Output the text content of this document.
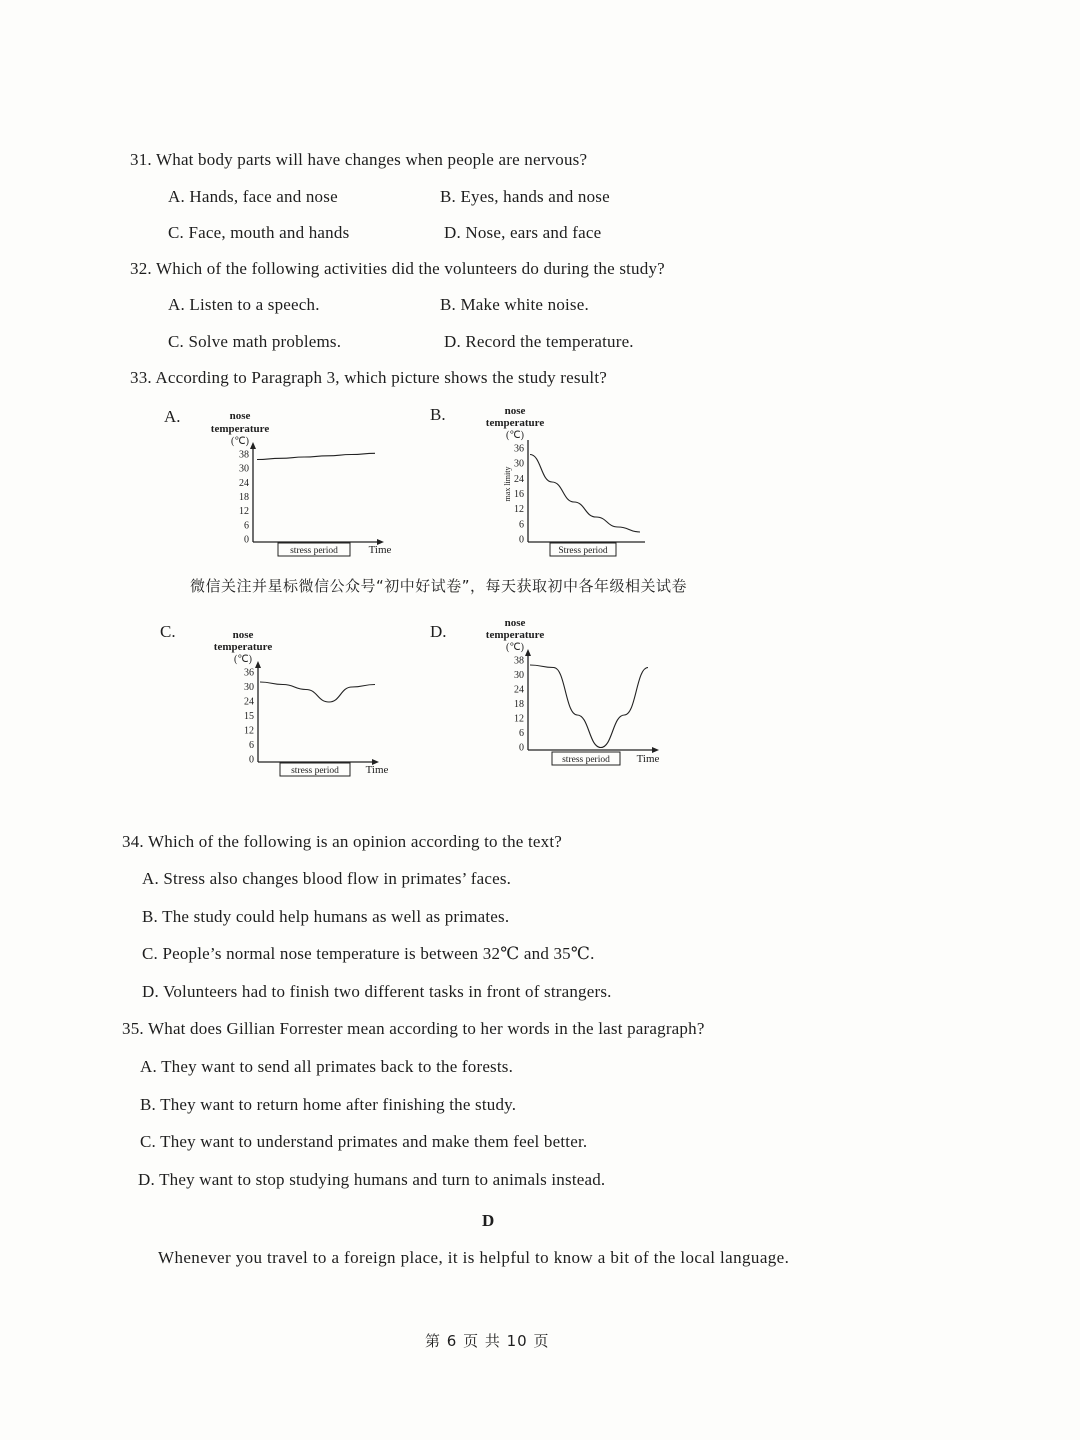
31. What body parts will have changes when people are nervous?
A. Hands, face and nose	B. Eyes, hands and nose
C. Face, mouth and hands	D. Nose, ears and face
32. Which of the following activities did the volunteers do during the study?
A. Listen to a speech.	B. Make white noise.
C. Solve math problems.	D. Record the temperature.
33. According to Paragraph 3, which picture shows the study result?
A.	nose
temperature
(℃)
38
30
24
18
12
6
0
stress period	Time
B.	nose
temperature
(℃)
max limity
36
30
24
16
12
6
0
Stress period
微信关注并星标微信公众号“初中好试卷”，每天获取初中各年级相关试卷
C.	nose
temperature
(℃)
36
30
24
15
12
6
0
stress period Time
D.	nose
temperature
(℃)
38
30
24
18
12
6
0
stress period Time
34. Which of the following is an opinion according to the text?
A. Stress also changes blood flow in primates’ faces.
B. The study could help humans as well as primates.
C. People’s normal nose temperature is between 32℃ and 35℃.
D. Volunteers had to finish two different tasks in front of strangers.
35. What does Gillian Forrester mean according to her words in the last paragraph?
A. They want to send all primates back to the forests.
B. They want to return home after finishing the study.
C. They want to understand primates and make them feel better.
D. They want to stop studying humans and turn to animals instead.
D
Whenever you travel to a foreign place, it is helpful to know a bit of the local language.
第 6 页 共 10 页
